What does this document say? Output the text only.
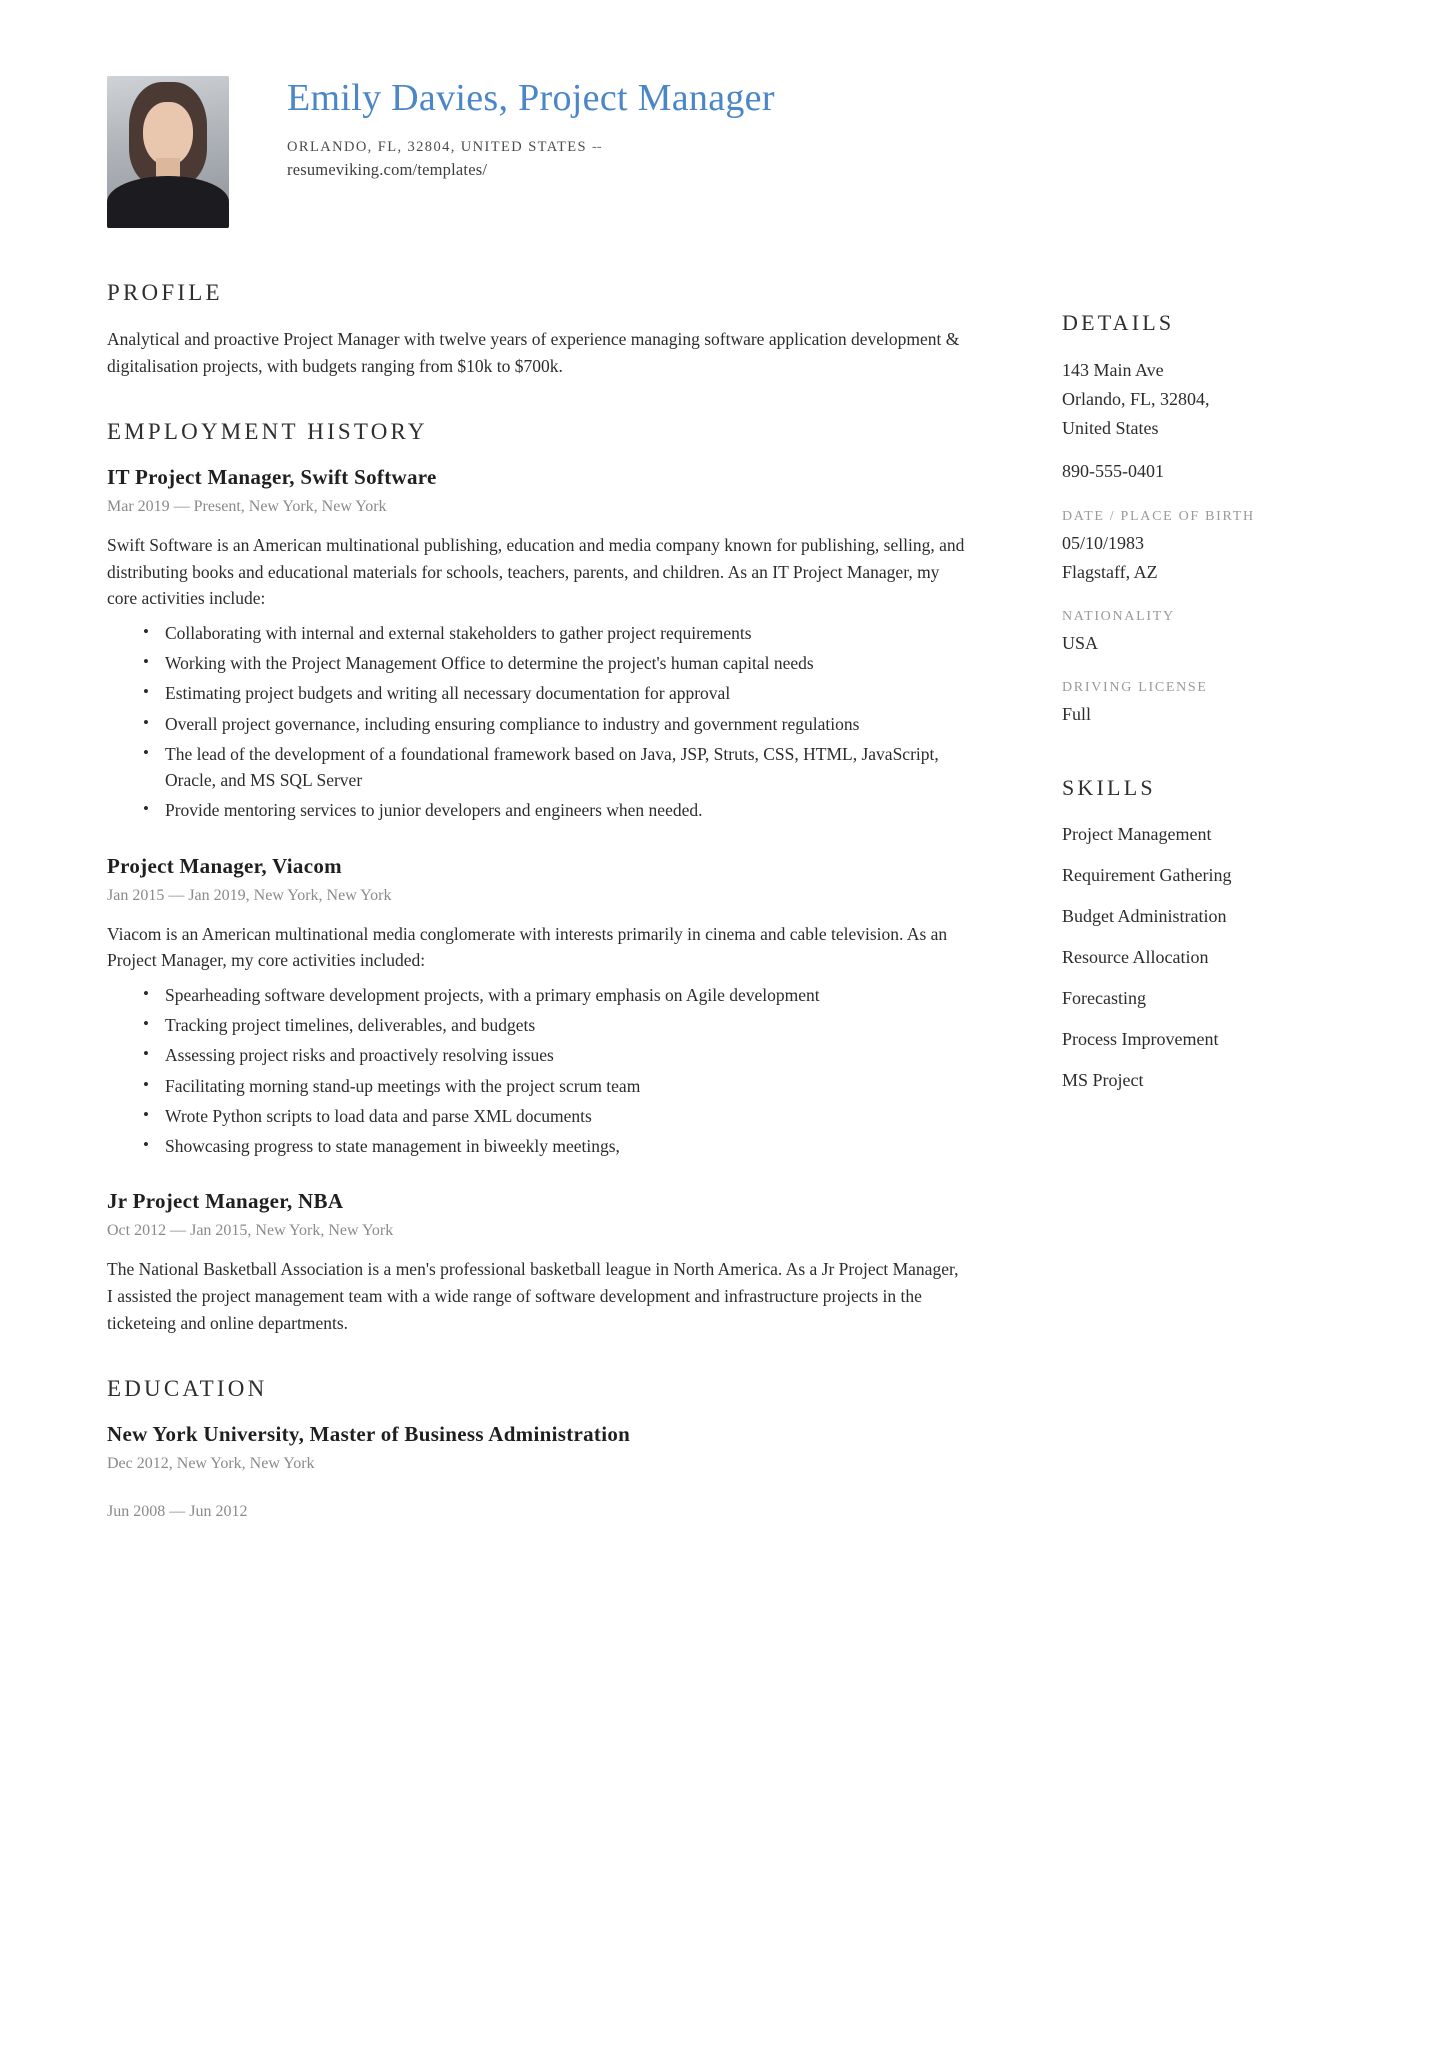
Emily Davies, Project Manager
ORLANDO, FL, 32804, UNITED STATES --
resumeviking.com/templates/
PROFILE

Analytical and proactive Project Manager with twelve years of experience managing software application development & digitalisation projects, with budgets ranging from $10k to $700k.

EMPLOYMENT HISTORY
IT Project Manager, Swift Software
Mar 2019 — Present, New York, New York

Swift Software is an American multinational publishing, education and media company known for publishing, selling, and distributing books and educational materials for schools, teachers, parents, and children. As an IT Project Manager, my core activities include:

• Collaborating with internal and external stakeholders to gather project requirements
• Working with the Project Management Office to determine the project's human capital needs
• Estimating project budgets and writing all necessary documentation for approval
• Overall project governance, including ensuring compliance to industry and government regulations
• The lead of the development of a foundational framework based on Java, JSP, Struts, CSS, HTML, JavaScript, Oracle, and MS SQL Server
• Provide mentoring services to junior developers and engineers when needed.
Project Manager, Viacom
Jan 2015 — Jan 2019, New York, New York

Viacom is an American multinational media conglomerate with interests primarily in cinema and cable television. As an Project Manager, my core activities included:

• Spearheading software development projects, with a primary emphasis on Agile development
• Tracking project timelines, deliverables, and budgets
• Assessing project risks and proactively resolving issues
• Facilitating morning stand-up meetings with the project scrum team
• Wrote Python scripts to load data and parse XML documents
• Showcasing progress to state management in biweekly meetings,
Jr Project Manager, NBA
Oct 2012 — Jan 2015, New York, New York

The National Basketball Association is a men's professional basketball league in North America. As a Jr Project Manager, I assisted the project management team with a wide range of software development and infrastructure projects in the ticketeing and online departments.

EDUCATION
New York University, Master of Business Administration
Dec 2012, New York, New York
Jun 2008 — Jun 2012
DETAILS

143 Main Ave

Orlando, FL, 32804,

United States

890-555-0401

DATE / PLACE OF BIRTH

05/10/1983

Flagstaff, AZ

NATIONALITY

USA

DRIVING LICENSE

Full

SKILLS
Project Management
Requirement Gathering
Budget Administration
Resource Allocation
Forecasting
Process Improvement
MS Project
